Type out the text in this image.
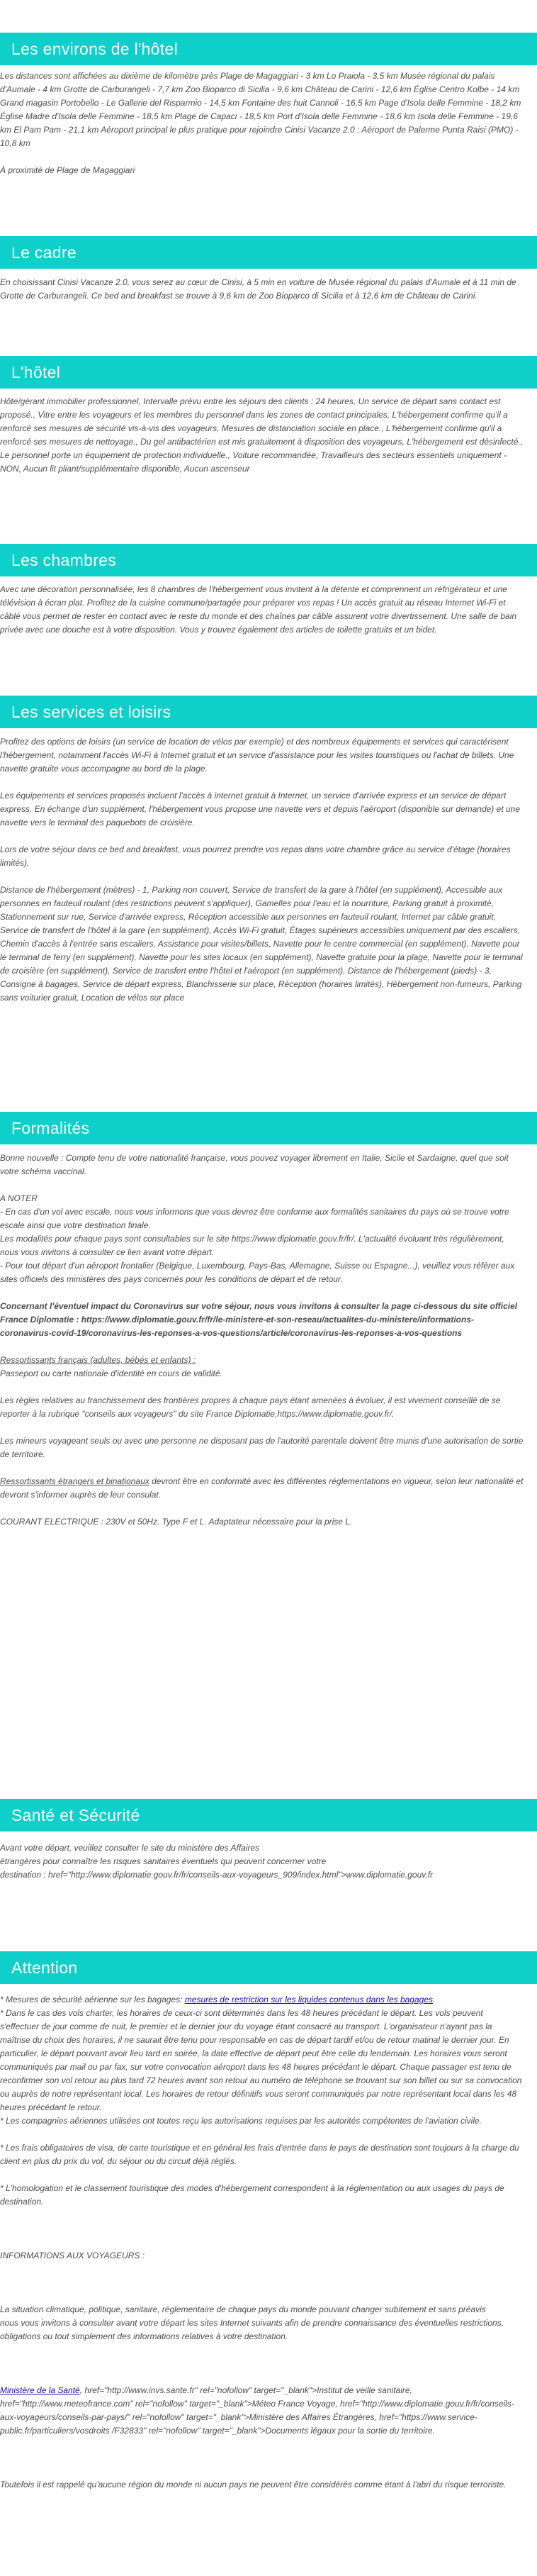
Les environs de l'hôtel

Les distances sont affichées au dixième de kilomètre près Plage de Magaggiari - 3 km Lo Praiola - 3,5 km Musée régional du palais d'Aumale - 4 km Grotte de Carburangeli - 7,7 km Zoo Bioparco di Sicilia - 9,6 km Château de Carini - 12,6 km Église Centro Kolbe - 14 km Grand magasin Portobello - Le Gallerie del Risparmio - 14,5 km Fontaine des huit Cannoli - 16,5 km Page d'Isola delle Femmine - 18,2 km Église Madre d'Isola delle Femmine - 18,5 km Plage de Capaci - 18,5 km Port d'Isola delle Femmine - 18,6 km Isola delle Femmine - 19,6 km El Pam Pam - 21,1 km Aéroport principal le plus pratique pour rejoindre Cinisi Vacanze 2.0 : Aéroport de Palerme Punta Raisi (PMO) - 10,8 km

À proximité de Plage de Magaggiari

Le cadre

En choisissant Cinisi Vacanze 2.0, vous serez au cœur de Cinisi, à 5 min en voiture de Musée régional du palais d'Aumale et à 11 min de Grotte de Carburangeli. Ce bed and breakfast se trouve à 9,6 km de Zoo Bioparco di Sicilia et à 12,6 km de Château de Carini.

L'hôtel

Hôte/gérant immobilier professionnel, Intervalle prévu entre les séjours des clients : 24 heures, Un service de départ sans contact est proposé., Vitre entre les voyageurs et les membres du personnel dans les zones de contact principales, L'hébergement confirme qu'il a renforcé ses mesures de sécurité vis-à-vis des voyageurs, Mesures de distanciation sociale en place., L'hébergement confirme qu'il a renforcé ses mesures de nettoyage., Du gel antibactérien est mis gratuitement à disposition des voyageurs, L'hébergement est désinfecté., Le personnel porte un équipement de protection individuelle., Voiture recommandée, Travailleurs des secteurs essentiels uniquement - NON, Aucun lit pliant/supplémentaire disponible, Aucun ascenseur

Les chambres

Avec une décoration personnalisée, les 8 chambres de l'hébergement vous invitent à la détente et comprennent un réfrigérateur et une télévision à écran plat. Profitez de la cuisine commune/partagée pour préparer vos repas ! Un accès gratuit au réseau Internet Wi-Fi et câblé vous permet de rester en contact avec le reste du monde et des chaînes par câble assurent votre divertissement. Une salle de bain privée avec une douche est à votre disposition. Vous y trouvez également des articles de toilette gratuits et un bidet.

Les services et loisirs

Profitez des options de loisirs (un service de location de vélos par exemple) et des nombreux équipements et services qui caractérisent l'hébergement, notamment l'accès Wi-Fi à Internet gratuit et un service d'assistance pour les visites touristiques ou l'achat de billets. Une navette gratuite vous accompagne au bord de la plage.

Les équipements et services proposés incluent l'accès à internet gratuit à Internet, un service d'arrivée express et un service de départ express. En échange d'un supplément, l'hébergement vous propose une navette vers et depuis l'aéroport (disponible sur demande) et une navette vers le terminal des paquebots de croisière.

Lors de votre séjour dans ce bed and breakfast, vous pourrez prendre vos repas dans votre chambre grâce au service d'étage (horaires limités).

Distance de l'hébergement (mètres) - 1, Parking non couvert, Service de transfert de la gare à l'hôtel (en supplément), Accessible aux personnes en fauteuil roulant (des restrictions peuvent s'appliquer), Gamelles pour l'eau et la nourriture, Parking gratuit à proximité, Stationnement sur rue, Service d'arrivée express, Réception accessible aux personnes en fauteuil roulant, Internet par câble gratuit, Service de transfert de l'hôtel à la gare (en supplément), Accès Wi-Fi gratuit, Étages supérieurs accessibles uniquement par des escaliers, Chemin d'accès à l'entrée sans escaliers, Assistance pour visites/billets, Navette pour le centre commercial (en supplément), Navette pour le terminal de ferry (en supplément), Navette pour les sites locaux (en supplément), Navette gratuite pour la plage, Navette pour le terminal de croisière (en supplément), Service de transfert entre l'hôtel et l'aéroport (en supplément), Distance de l'hébergement (pieds) - 3, Consigne à bagages, Service de départ express, Blanchisserie sur place, Réception (horaires limités), Hébergement non-fumeurs, Parking sans voiturier gratuit, Location de vélos sur place

Formalités

Bonne nouvelle : Compte tenu de votre nationalité française, vous pouvez voyager librement en Italie, Sicile et Sardaigne, quel que soit votre schéma vaccinal.

A NOTER

- En cas d'un vol avec escale, nous vous informons que vous devrez être conforme aux formalités sanitaires du pays où se trouve votre escale ainsi que votre destination finale.

Les modalités pour chaque pays sont consultables sur le site https://www.diplomatie.gouv.fr/fr/. L'actualité évoluant très régulièrement, nous vous invitons à consulter ce lien avant votre départ.

- Pour tout départ d'un aéroport frontalier (Belgique, Luxembourg, Pays-Bas, Allemagne, Suisse ou Espagne...), veuillez vous référer aux sites officiels des ministères des pays concernés pour les conditions de départ et de retour.

Concernant l'éventuel impact du Coronavirus sur votre séjour, nous vous invitons à consulter la page ci-dessous du site officiel France Diplomatie : https://www.diplomatie.gouv.fr/fr/le-ministere-et-son-reseau/actualites-du-ministere/informations-coronavirus-covid-19/coronavirus-les-reponses-a-vos-questions/article/coronavirus-les-reponses-a-vos-questions

Ressortissants français (adultes, bébés et enfants) :

Passeport ou carte nationale d'identité en cours de validité.

Les règles relatives au franchissement des frontières propres à chaque pays étant amenées à évoluer, il est vivement conseillé de se reporter à la rubrique "conseils aux voyageurs" du site France Diplomatie,https://www.diplomatie.gouv.fr/.

Les mineurs voyageant seuls ou avec une personne ne disposant pas de l'autorité parentale doivent être munis d'une autorisation de sortie de territoire.

Ressortissants étrangers et binationaux devront être en conformité avec les différentes réglementations en vigueur, selon leur nationalité et devront s'informer auprès de leur consulat.

COURANT ELECTRIQUE : 230V et 50Hz. Type F et L. Adaptateur nécessaire pour la prise L.

Santé et Sécurité

Avant votre départ, veuillez consulter le site du ministère des Affaires

étrangères pour connaître les risques sanitaires éventuels qui peuvent concerner votre

destination : href="http://www.diplomatie.gouv.fr/fr/conseils-aux-voyageurs_909/index.html">www.diplomatie.gouv.fr

Attention

* Mesures de sécurité aérienne sur les bagages: mesures de restriction sur les liquides contenus dans les bagages.

* Dans le cas des vols charter, les horaires de ceux-ci sont déterminés dans les 48 heures précédant le départ. Les vols peuvent s'effectuer de jour comme de nuit, le premier et le dernier jour du voyage étant consacré au transport. L'organisateur n'ayant pas la maîtrise du choix des horaires, il ne saurait être tenu pour responsable en cas de départ tardif et/ou de retour matinal le dernier jour. En particulier, le départ pouvant avoir lieu tard en soirée, la date effective de départ peut être celle du lendemain. Les horaires vous seront communiqués par mail ou par fax, sur votre convocation aéroport dans les 48 heures précédant le départ. Chaque passager est tenu de reconfirmer son vol retour au plus tard 72 heures avant son retour au numéro de téléphone se trouvant sur son billet ou sur sa convocation ou auprès de notre représentant local. Les horaires de retour définitifs vous seront communiqués par notre représentant local dans les 48 heures précédant le retour.

* Les compagnies aériennes utilisées ont toutes reçu les autorisations requises par les autorités compétentes de l'aviation civile.

* Les frais obligatoires de visa, de carte touristique et en général les frais d'entrée dans le pays de destination sont toujours à la charge du client en plus du prix du vol, du séjour ou du circuit déjà réglés.

* L'homologation et le classement touristique des modes d'hébergement correspondent à la réglementation ou aux usages du pays de destination.

INFORMATIONS AUX VOYAGEURS :

La situation climatique, politique, sanitaire, réglementaire de chaque pays du monde pouvant changer subitement et sans préavis

nous vous invitons à consulter avant votre départ les sites Internet suivants afin de prendre connaissance des éventuelles restrictions, obligations ou tout simplement des informations relatives à votre destination.

Ministère de la Santé, href="http://www.invs.sante.fr" rel="nofollow" target="_blank">Institut de veille sanitaire, href="http://www.meteofrance.com" rel="nofollow" target="_blank">Méteo France Voyage, href="http://www.diplomatie.gouv.fr/fr/conseils-aux-voyageurs/conseils-par-pays/" rel="nofollow" target="_blank">Ministère des Affaires Étrangères, href="https://www.service-public.fr/particuliers/vosdroits /F32833" rel="nofollow" target="_blank">Documents légaux pour la sortie du territoire.

Toutefois il est rappelé qu'aucune région du monde ni aucun pays ne peuvent être considérés comme étant à l'abri du risque terroriste.
